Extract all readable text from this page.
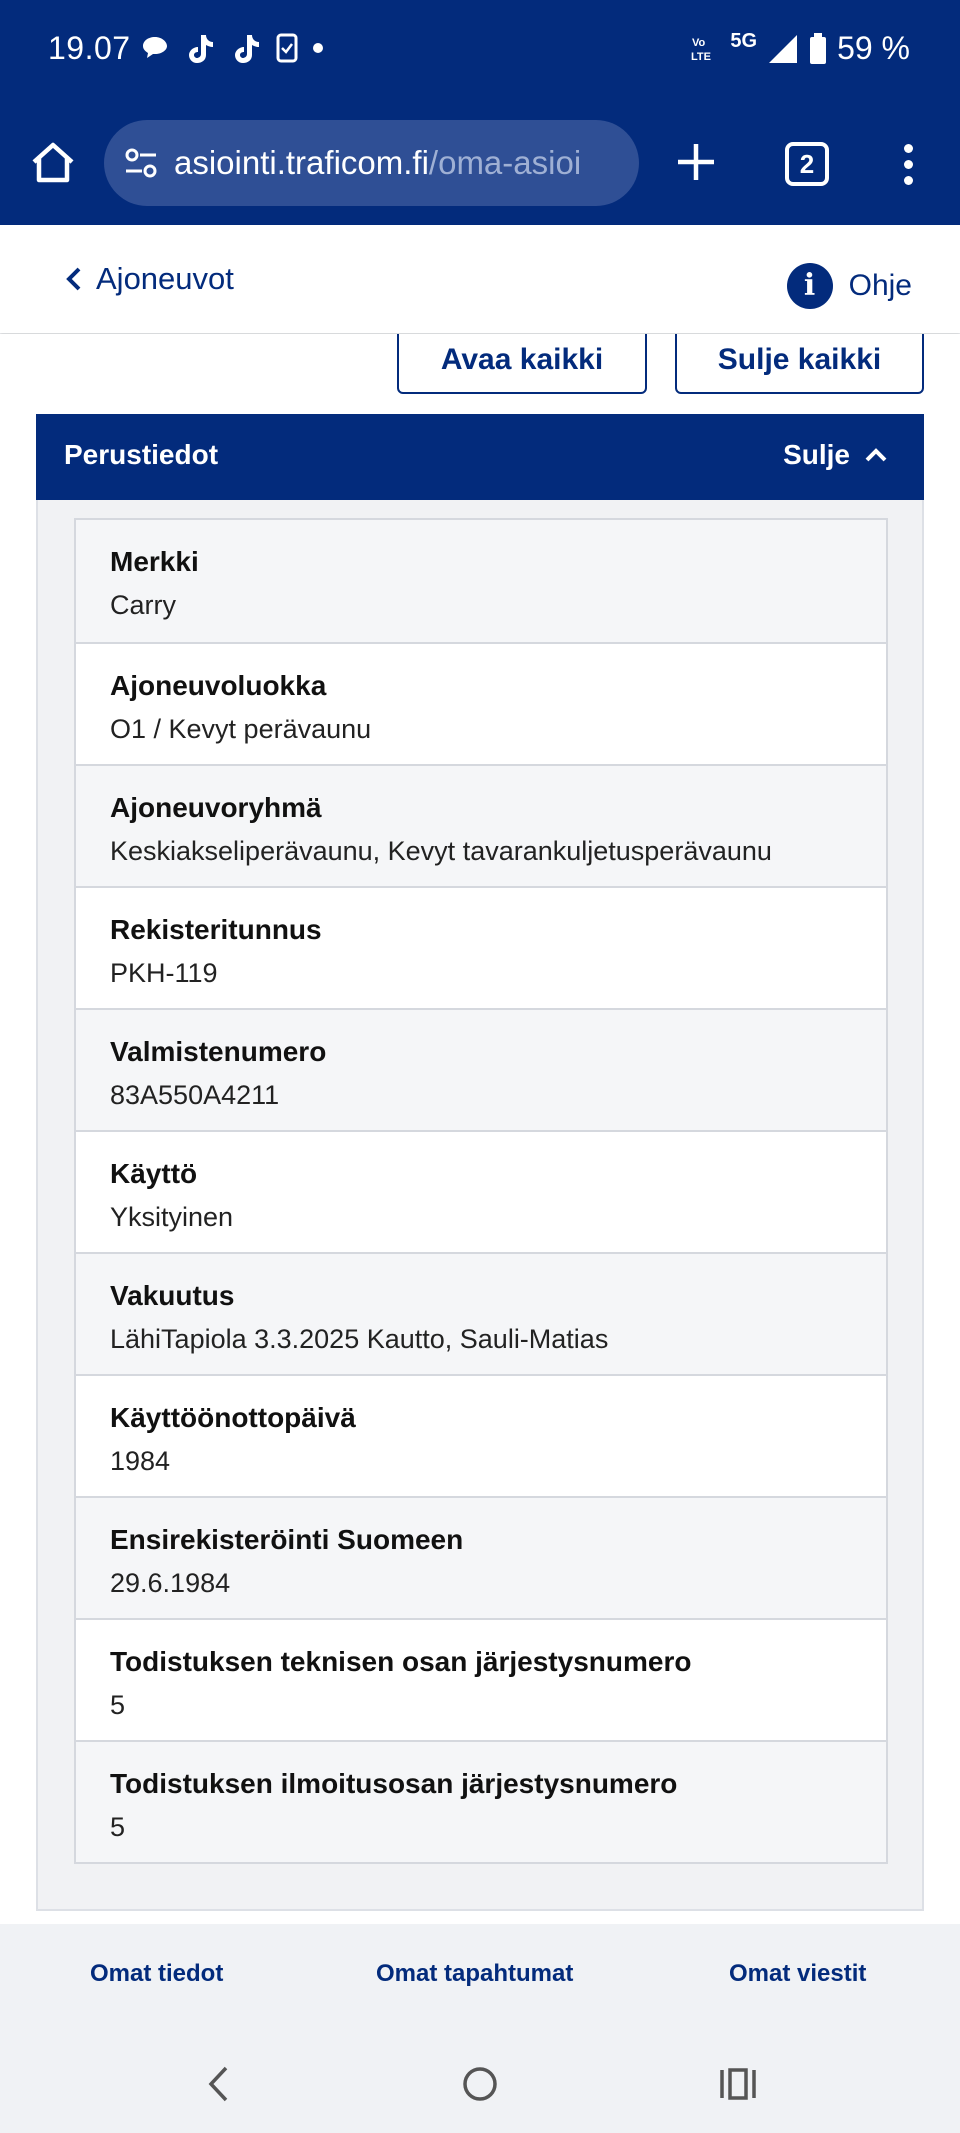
19.07	Vo
LTE
5G	59 %
asiointi.traficom.fi/oma-asioi	2
Ajoneuvot	i	Ohje
Avaa kaikki	Sulje kaikki
Perustiedot	Sulje
Merkki
Carry
Ajoneuvoluokka
O1 / Kevyt perävaunu
Ajoneuvoryhmä
Keskiakseliperävaunu, Kevyt tavarankuljetusperävaunu
Rekisteritunnus
PKH-119
Valmistenumero
83A550A4211
Käyttö
Yksityinen
Vakuutus
LähiTapiola 3.3.2025 Kautto, Sauli-Matias
Käyttöönottopäivä
1984
Ensirekisteröinti Suomeen
29.6.1984
Todistuksen teknisen osan järjestysnumero
5
Todistuksen ilmoitusosan järjestysnumero
5
Omat tiedot	Omat tapahtumat	Omat viestit
